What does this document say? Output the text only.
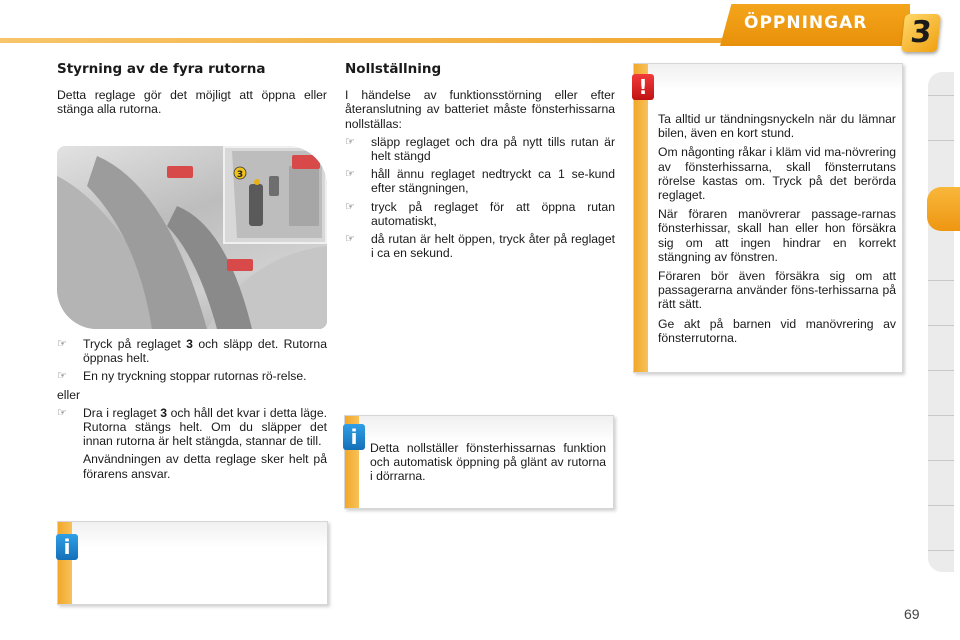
ÖPPNINGAR 3
Styrning av de fyra rutorna

Detta reglage gör det möjligt att öppna eller stänga alla rutorna.

3
☞ Tryck på reglaget 3 och släpp det. Rutorna öppnas helt.
☞ En ny tryckning stoppar rutornas rö-relse.

eller

☞ Dra i reglaget 3 och håll det kvar i detta läge. Rutorna stängs helt. Om du släpper det innan rutorna är helt stängda, stannar de till.
Användningen av detta reglage sker helt på förarens ansvar.
Nollställning

I händelse av funktionsstörning eller efter återanslutning av batteriet måste fönsterhissarna nollställas:

☞ släpp reglaget och dra på nytt tills rutan är helt stängd
☞ håll ännu reglaget nedtryckt ca 1 se-kund efter stängningen,
☞ tryck på reglaget för att öppna rutan automatiskt,
☞ då rutan är helt öppen, tryck åter på reglaget i ca en sekund.
i	Detta nollställer fönsterhissarnas funktion och automatisk öppning på glänt av rutorna i dörrarna.
i
!

Ta alltid ur tändningsnyckeln när du lämnar bilen, även en kort stund.

Om någonting råkar i kläm vid ma-növrering av fönsterhissarna, skall fönsterrutans rörelse kastas om. Tryck på det berörda reglaget.

När föraren manövrerar passage-rarnas fönsterhissar, skall han eller hon försäkra sig om att ingen hindrar en korrekt stängning av fönstren.

Föraren bör även försäkra sig om att passagerarna använder föns-terhissarna på rätt sätt.

Ge akt på barnen vid manövrering av fönsterrutorna.

69
